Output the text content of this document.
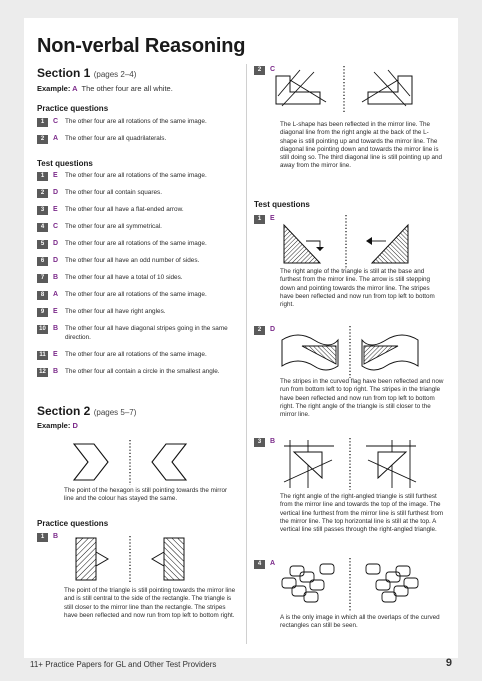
11+ Practice Papers for GL and Other Test Providers	9
Non-verbal Reasoning
Section 1 (pages 2–4)
Example: A The other four are all white.
Practice questions
Test questions
1	C The other four are all rotations of the same image.
2	A The other four are all quadrilaterals.
1	E The other four are all rotations of the same image.
2	D The other four all contain squares.
3	E The other four all have a flat-ended arrow.
4	C The other four are all symmetrical.
5	D The other four are all rotations of the same image.
6	D The other four all have an odd number of sides.
7	B The other four all have a total of 10 sides.
8	A The other four are all rotations of the same image.
9	E The other four all have right angles.
10	B The other four all have diagonal stripes going in the same direction.
11	E The other four are all rotations of the same image.
12	B The other four all contain a circle in the smallest angle.
Section 2 (pages 5–7)
Example: D
The point of the hexagon is still pointing towards the mirror line and the colour has stayed the same.
Practice questions
1	B
The point of the triangle is still pointing towards the mirror line and is still central to the side of the rectangle. The triangle is still closer to the mirror line than the rectangle. The stripes have been reflected and now run from top left to bottom right.
2	C
The L-shape has been reflected in the mirror line. The diagonal line from the right angle at the back of the L-shape is still pointing up and towards the mirror line. The diagonal line pointing down and towards the mirror line is still doing so. The third diagonal line is still pointing up and away from the mirror line.
Test questions
1	E
The right angle of the triangle is still at the base and furthest from the mirror line. The arrow is still stepping down and pointing towards the mirror line. The stripes have been reflected and now run from top left to bottom right.
2	D
The stripes in the curved flag have been reflected and now run from bottom left to top right. The stripes in the triangle have been reflected and now run from top left to bottom right. The right angle of the triangle is still closer to the mirror line.
3	B
The right angle of the right-angled triangle is still furthest from the mirror line and towards the top of the image. The vertical line furthest from the mirror line is still furthest from the mirror line. The top horizontal line is still at the top. A vertical line still passes through the right-angled triangle.
4	A
A is the only image in which all the overlaps of the curved rectangles can still be seen.
